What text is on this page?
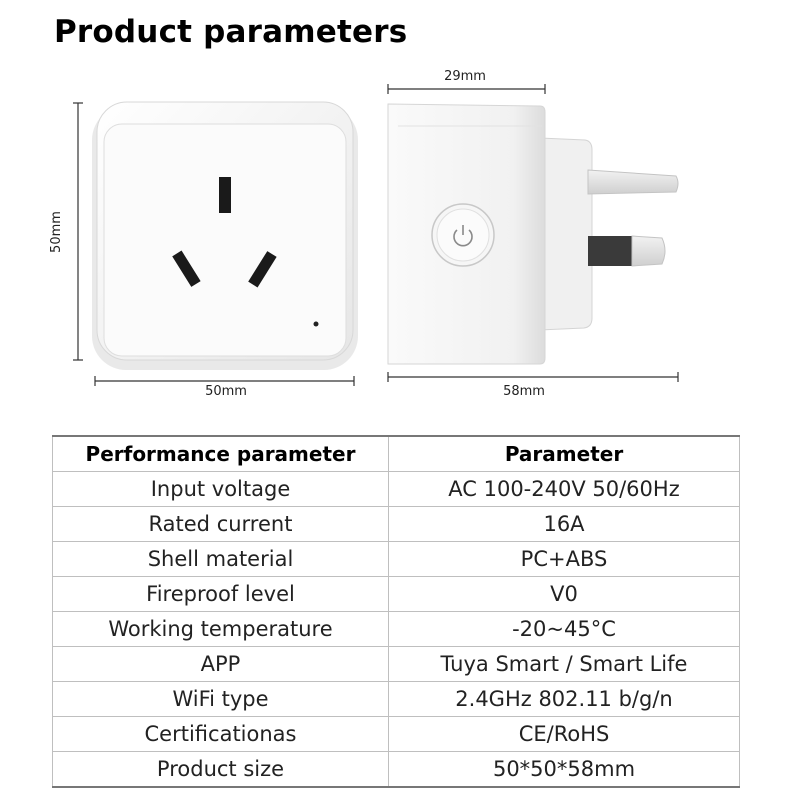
Product parameters
50mm
50mm
29mm
58mm
Performance parameter	Parameter
Input voltage	AC 100-240V 50/60Hz
Rated current	16A
Shell material	PC+ABS
Fireproof level	V0
Working temperature	-20~45°C
APP	Tuya Smart / Smart Life
WiFi type	2.4GHz 802.11 b/g/n
Certificationas	CE/RoHS
Product size	50*50*58mm
